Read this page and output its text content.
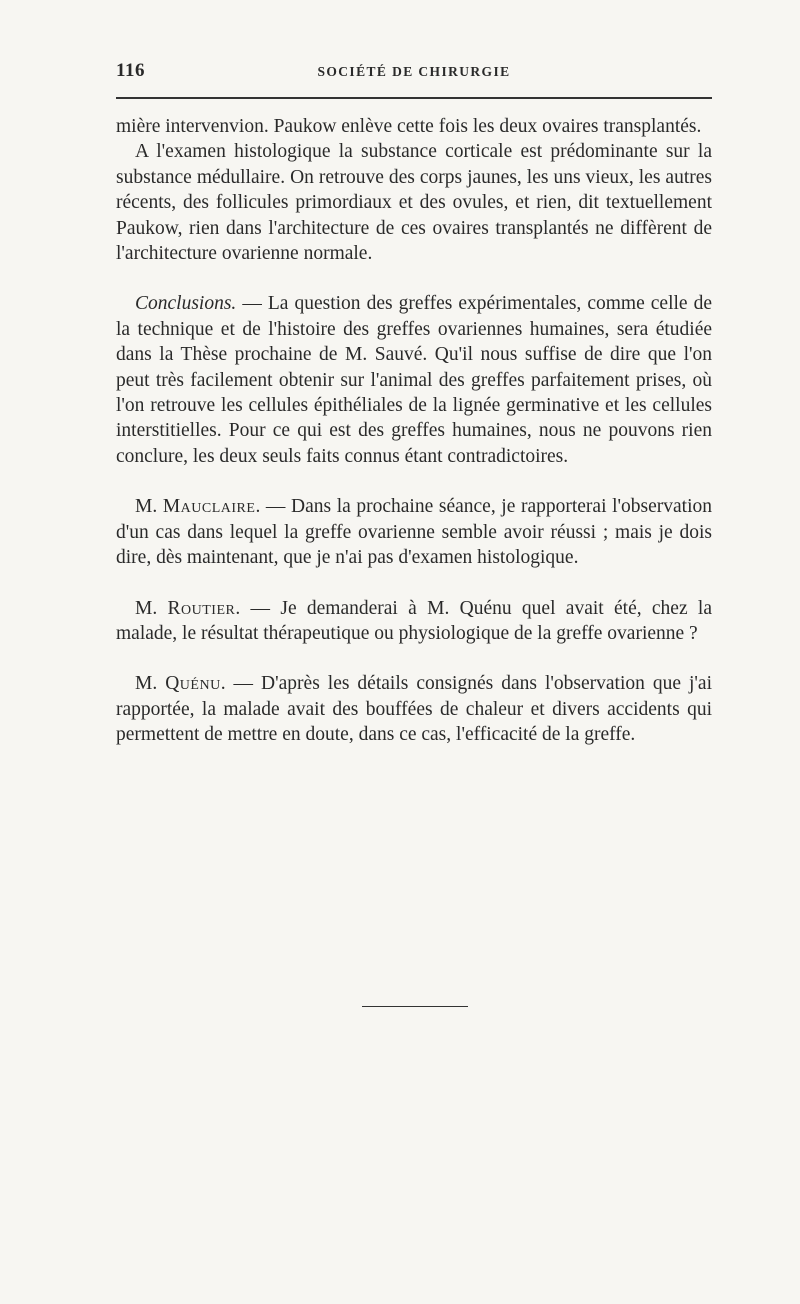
116	SOCIÉTÉ DE CHIRURGIE

mière intervenvion. Paukow enlève cette fois les deux ovaires transplantés.

A l'examen histologique la substance corticale est prédominante sur la substance médullaire. On retrouve des corps jaunes, les uns vieux, les autres récents, des follicules primordiaux et des ovules, et rien, dit textuellement Paukow, rien dans l'architecture de ces ovaires transplantés ne diffèrent de l'architecture ovarienne normale.

Conclusions. — La question des greffes expérimentales, comme celle de la technique et de l'histoire des greffes ovariennes humaines, sera étudiée dans la Thèse prochaine de M. Sauvé. Qu'il nous suffise de dire que l'on peut très facilement obtenir sur l'animal des greffes parfaitement prises, où l'on retrouve les cellules épithéliales de la lignée germinative et les cellules interstitielles. Pour ce qui est des greffes humaines, nous ne pouvons rien conclure, les deux seuls faits connus étant contradictoires.

M. Mauclaire. — Dans la prochaine séance, je rapporterai l'observation d'un cas dans lequel la greffe ovarienne semble avoir réussi ; mais je dois dire, dès maintenant, que je n'ai pas d'examen histologique.

M. Routier. — Je demanderai à M. Quénu quel avait été, chez la malade, le résultat thérapeutique ou physiologique de la greffe ovarienne ?

M. Quénu. — D'après les détails consignés dans l'observation que j'ai rapportée, la malade avait des bouffées de chaleur et divers accidents qui permettent de mettre en doute, dans ce cas, l'efficacité de la greffe.
